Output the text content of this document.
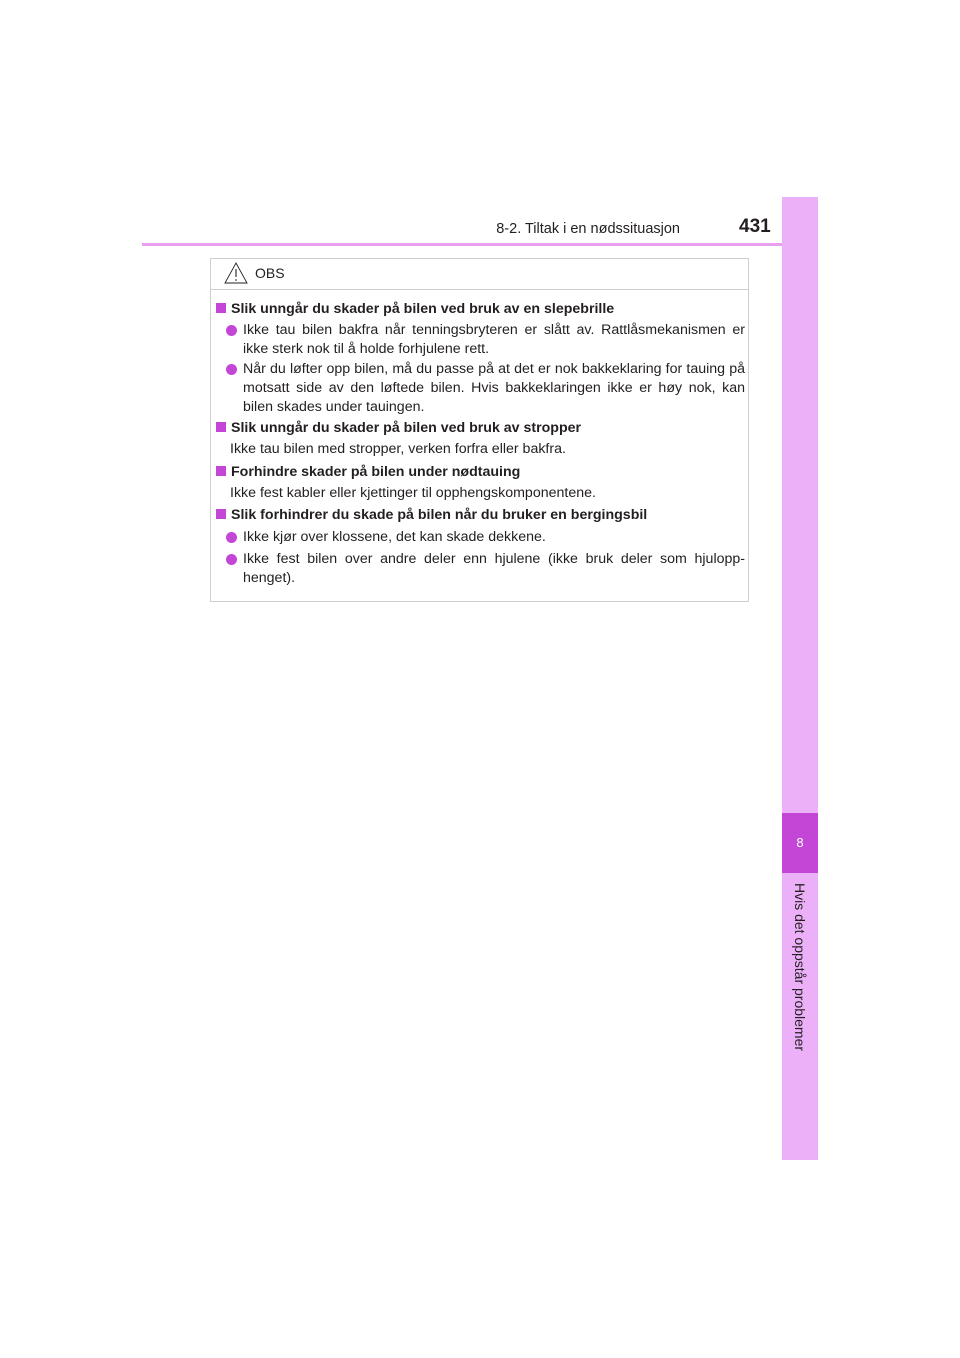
8-2. Tiltak i en nødssituasjon	431
8
Hvis det oppstår problemer
OBS
Slik unngår du skader på bilen ved bruk av en slepebrille
Ikke tau bilen bakfra når tenningsbryteren er slått av. Rattlåsmekanismen er ikke sterk nok til å holde forhjulene rett.
Når du løfter opp bilen, må du passe på at det er nok bakkeklaring for tauing på motsatt side av den løftede bilen. Hvis bakkeklaringen ikke er høy nok, kan bilen skades under tauingen.
Slik unngår du skader på bilen ved bruk av stropper
Ikke tau bilen med stropper, verken forfra eller bakfra.
Forhindre skader på bilen under nødtauing
Ikke fest kabler eller kjettinger til opphengskomponentene.
Slik forhindrer du skade på bilen når du bruker en bergingsbil
Ikke kjør over klossene, det kan skade dekkene.
Ikke fest bilen over andre deler enn hjulene (ikke bruk deler som hjulopp-henget).
